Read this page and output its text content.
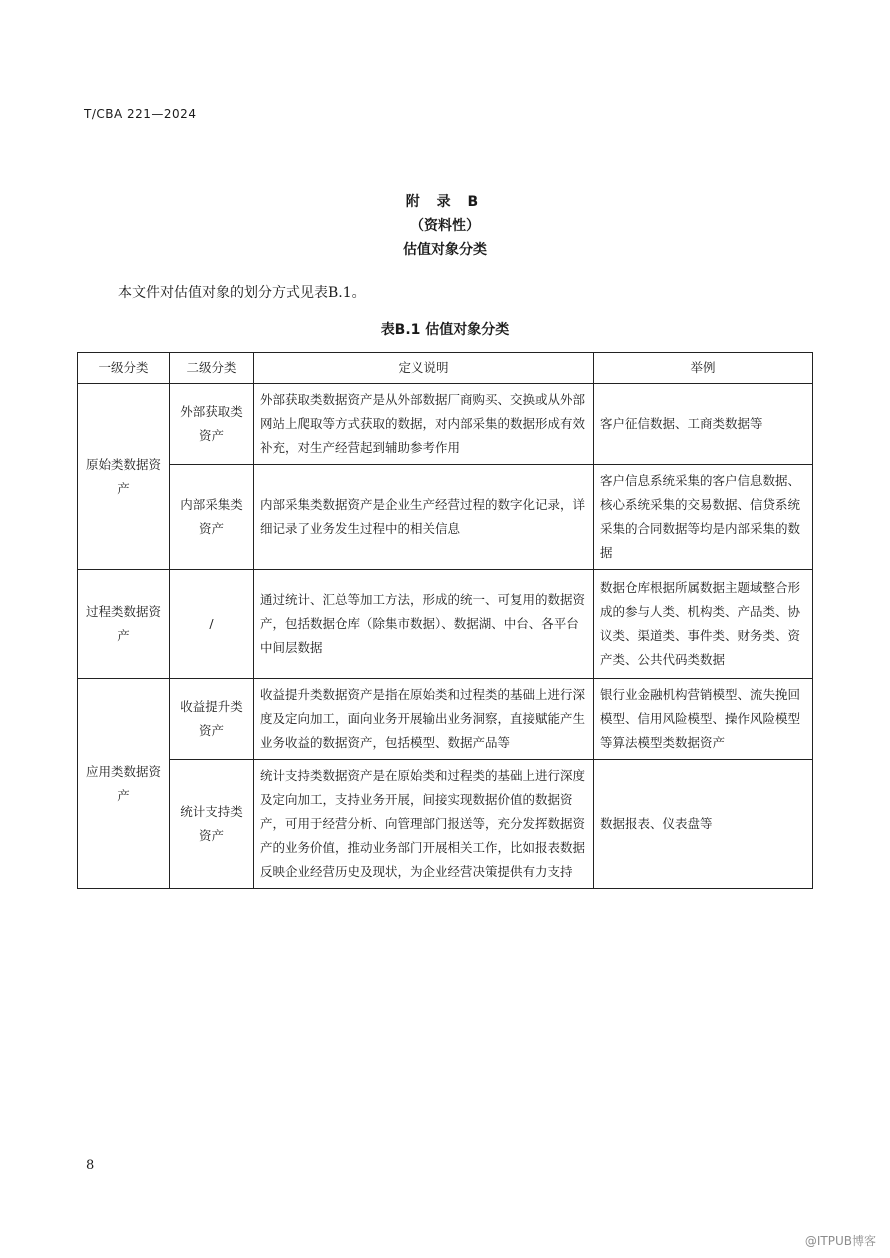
T/CBA 221—2024
附 录 B
（资料性）
估值对象分类
本文件对估值对象的划分方式见表B.1。
表B.1 估值对象分类
一级分类	二级分类	定义说明	举例
原始类数据资产	外部获取类资产	外部获取类数据资产是从外部数据厂商购买、交换或从外部网站上爬取等方式获取的数据，对内部采集的数据形成有效补充，对生产经营起到辅助参考作用	客户征信数据、工商类数据等
	内部采集类资产	内部采集类数据资产是企业生产经营过程的数字化记录，详细记录了业务发生过程中的相关信息	客户信息系统采集的客户信息数据、核心系统采集的交易数据、信贷系统采集的合同数据等均是内部采集的数据
过程类数据资产	/	通过统计、汇总等加工方法，形成的统一、可复用的数据资产，包括数据仓库（除集市数据）、数据湖、中台、各平台中间层数据	数据仓库根据所属数据主题域整合形成的参与人类、机构类、产品类、协议类、渠道类、事件类、财务类、资产类、公共代码类数据
应用类数据资产	收益提升类资产	收益提升类数据资产是指在原始类和过程类的基础上进行深度及定向加工，面向业务开展输出业务洞察，直接赋能产生业务收益的数据资产，包括模型、数据产品等	银行业金融机构营销模型、流失挽回模型、信用风险模型、操作风险模型等算法模型类数据资产
	统计支持类资产	统计支持类数据资产是在原始类和过程类的基础上进行深度及定向加工，支持业务开展，间接实现数据价值的数据资产，可用于经营分析、向管理部门报送等，充分发挥数据资产的业务价值，推动业务部门开展相关工作，比如报表数据反映企业经营历史及现状，为企业经营决策提供有力支持	数据报表、仪表盘等
8
@ITPUB博客
